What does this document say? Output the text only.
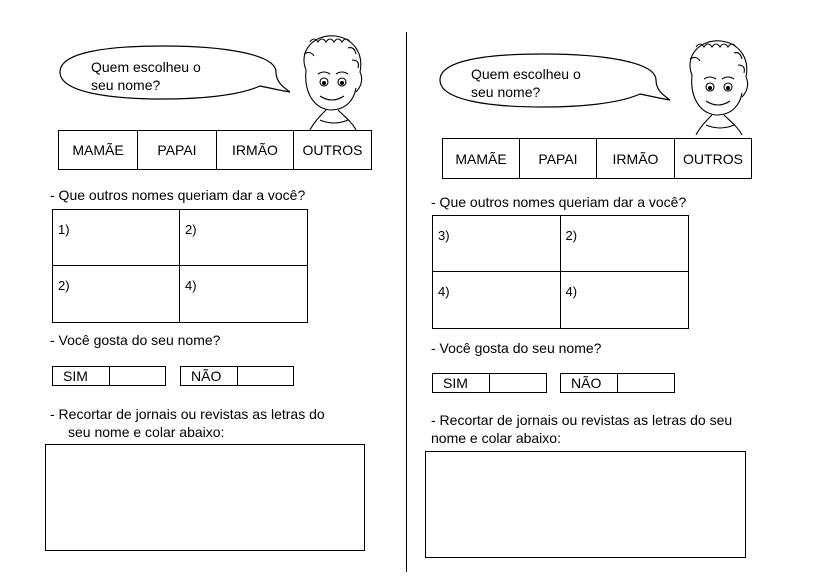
Quem escolheu o
seu nome?
MAMÃE	PAPAI	IRMÃO	OUTROS
- Que outros nomes queriam dar a você?
1)	2)
2)	4)
- Você gosta do seu nome?
SIM	NÃO
- Recortar de jornais ou revistas as letras do
seu nome e colar abaixo:
Quem escolheu o
seu nome?
MAMÃE	PAPAI	IRMÃO	OUTROS
- Que outros nomes queriam dar a você?
3)	2)
4)	4)
- Você gosta do seu nome?
SIM	NÃO
- Recortar de jornais ou revistas as letras do seu
nome e colar abaixo:
